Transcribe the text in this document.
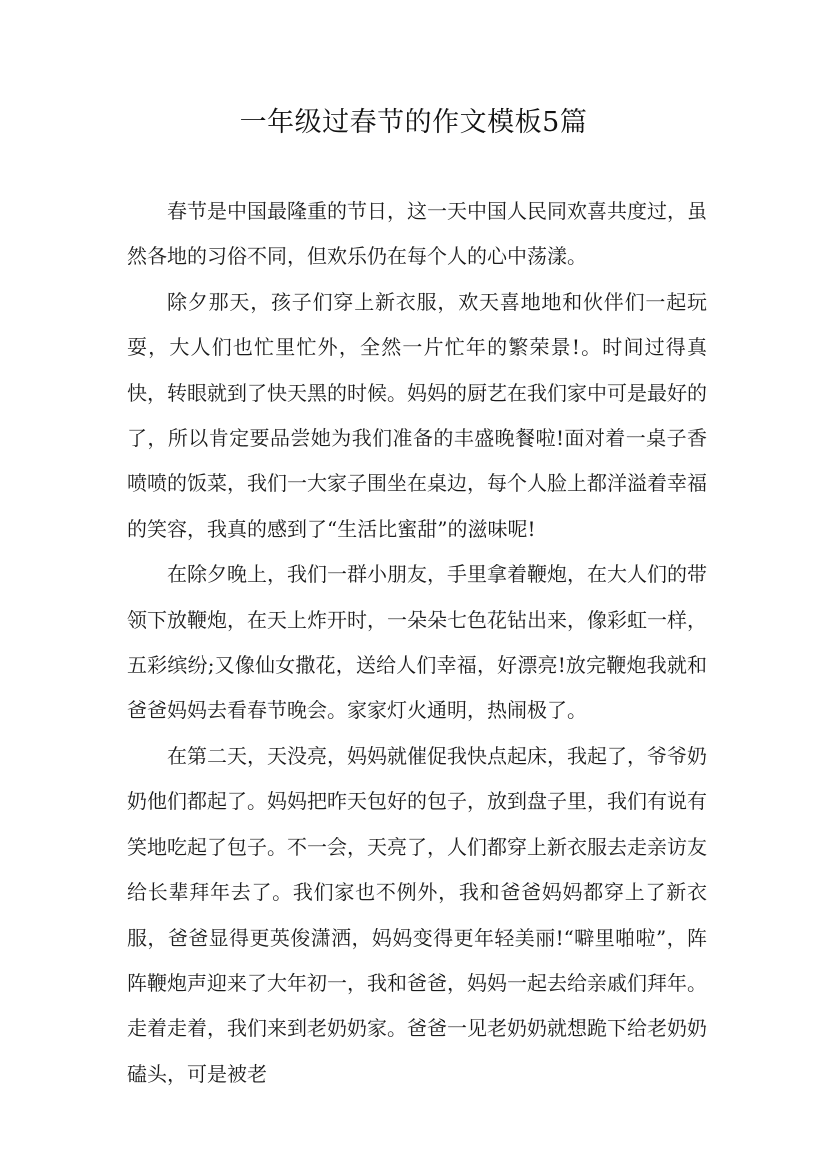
一年级过春节的作文模板5篇

春节是中国最隆重的节日，这一天中国人民同欢喜共度过，虽然各地的习俗不同，但欢乐仍在每个人的心中荡漾。

除夕那天，孩子们穿上新衣服，欢天喜地地和伙伴们一起玩耍，大人们也忙里忙外，全然一片忙年的繁荣景!。时间过得真快，转眼就到了快天黑的时候。妈妈的厨艺在我们家中可是最好的了，所以肯定要品尝她为我们准备的丰盛晚餐啦!面对着一桌子香喷喷的饭菜，我们一大家子围坐在桌边，每个人脸上都洋溢着幸福的笑容，我真的感到了“生活比蜜甜”的滋味呢!

在除夕晚上，我们一群小朋友，手里拿着鞭炮，在大人们的带领下放鞭炮，在天上炸开时，一朵朵七色花钻出来，像彩虹一样，五彩缤纷;又像仙女撒花，送给人们幸福，好漂亮!放完鞭炮我就和爸爸妈妈去看春节晚会。家家灯火通明，热闹极了。

在第二天，天没亮，妈妈就催促我快点起床，我起了，爷爷奶奶他们都起了。妈妈把昨天包好的包子，放到盘子里，我们有说有笑地吃起了包子。不一会，天亮了，人们都穿上新衣服去走亲访友给长辈拜年去了。我们家也不例外，我和爸爸妈妈都穿上了新衣服，爸爸显得更英俊潇洒，妈妈变得更年轻美丽!“噼里啪啦”，阵阵鞭炮声迎来了大年初一，我和爸爸，妈妈一起去给亲戚们拜年。走着走着，我们来到老奶奶家。爸爸一见老奶奶就想跪下给老奶奶磕头，可是被老
